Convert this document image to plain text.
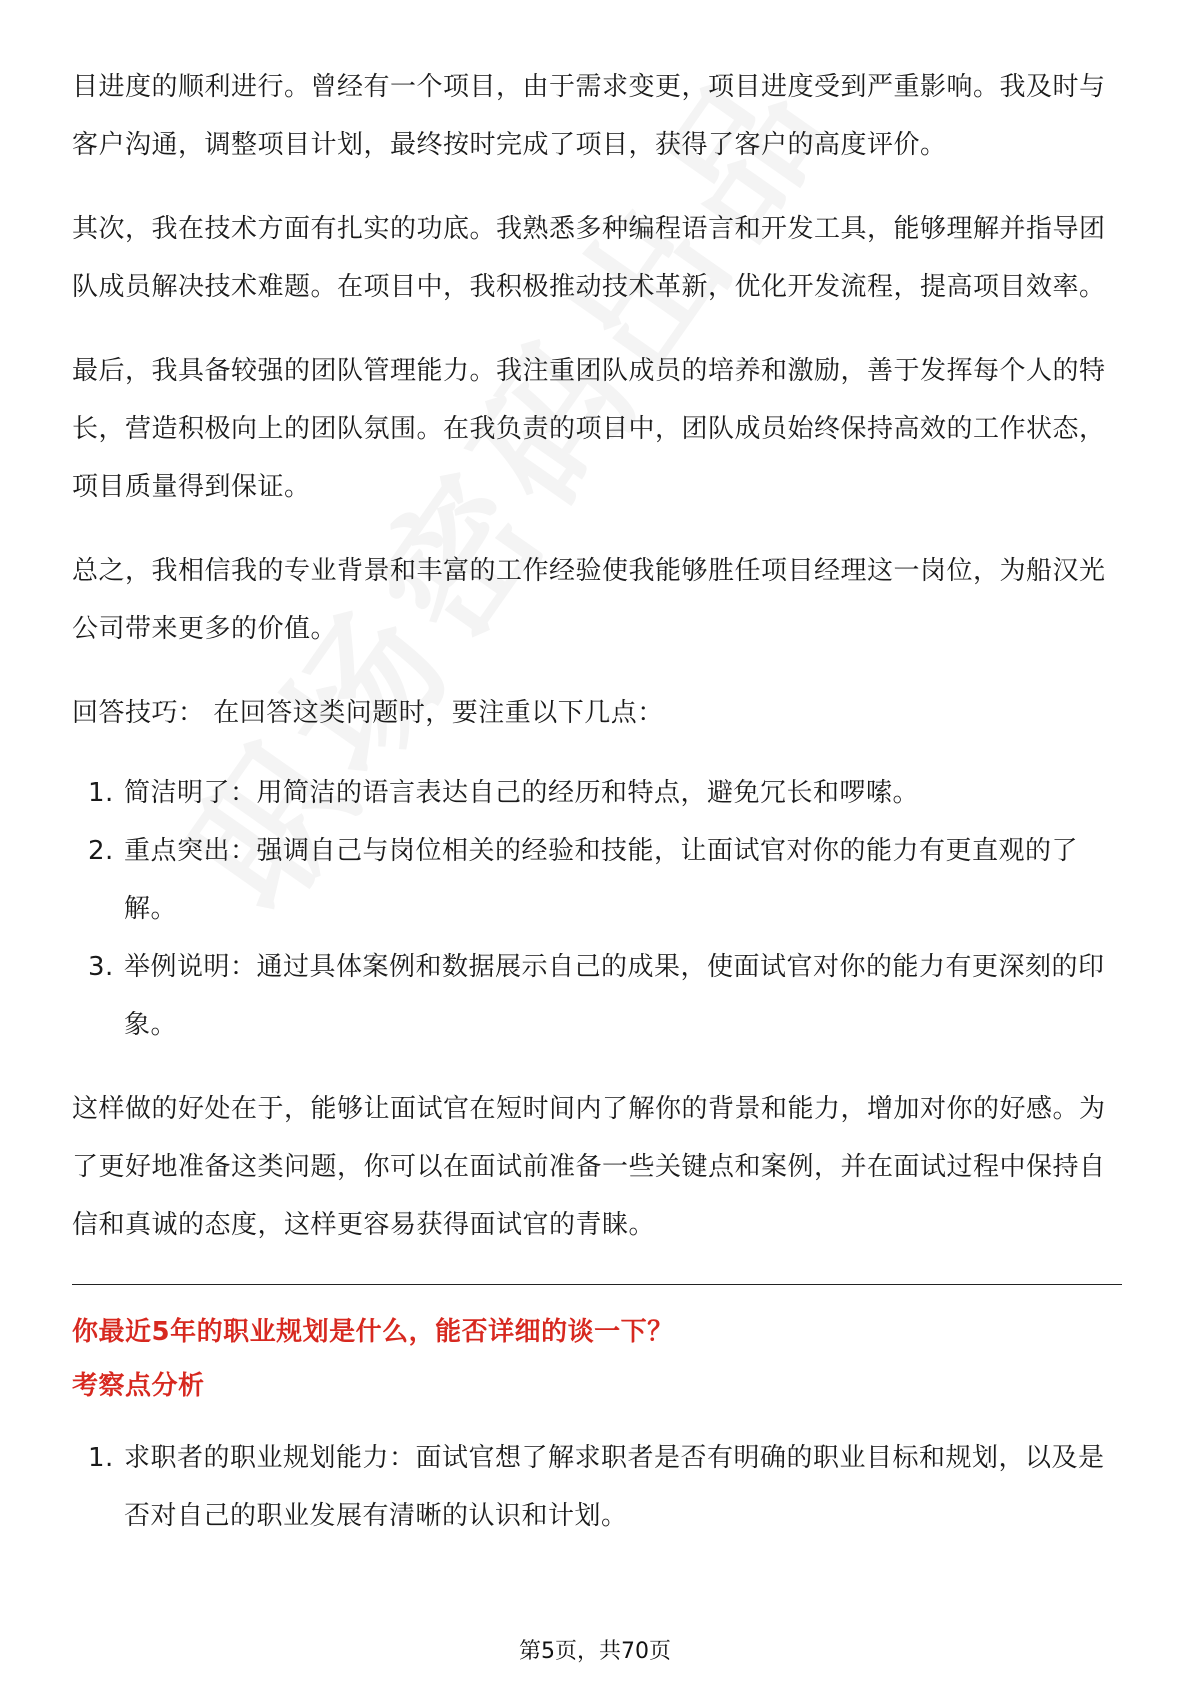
目进度的顺利进行。曾经有一个项目，由于需求变更，项目进度受到严重影响。我及时与客户沟通，调整项目计划，最终按时完成了项目，获得了客户的高度评价。

其次，我在技术方面有扎实的功底。我熟悉多种编程语言和开发工具，能够理解并指导团队成员解决技术难题。在项目中，我积极推动技术革新，优化开发流程，提高项目效率。

最后，我具备较强的团队管理能力。我注重团队成员的培养和激励，善于发挥每个人的特长，营造积极向上的团队氛围。在我负责的项目中，团队成员始终保持高效的工作状态，项目质量得到保证。

总之，我相信我的专业背景和丰富的工作经验使我能够胜任项目经理这一岗位，为船汉光公司带来更多的价值。

回答技巧： 在回答这类问题时，要注重以下几点：

1. 简洁明了：用简洁的语言表达自己的经历和特点，避免冗长和啰嗦。
2. 重点突出：强调自己与岗位相关的经验和技能，让面试官对你的能力有更直观的了解。
3. 举例说明：通过具体案例和数据展示自己的成果，使面试官对你的能力有更深刻的印象。

这样做的好处在于，能够让面试官在短时间内了解你的背景和能力，增加对你的好感。为了更好地准备这类问题，你可以在面试前准备一些关键点和案例，并在面试过程中保持自信和真诚的态度，这样更容易获得面试官的青睐。

你最近5年的职业规划是什么，能否详细的谈一下？

考察点分析

1. 求职者的职业规划能力：面试官想了解求职者是否有明确的职业目标和规划，以及是否对自己的职业发展有清晰的认识和计划。
第5页，共70页
